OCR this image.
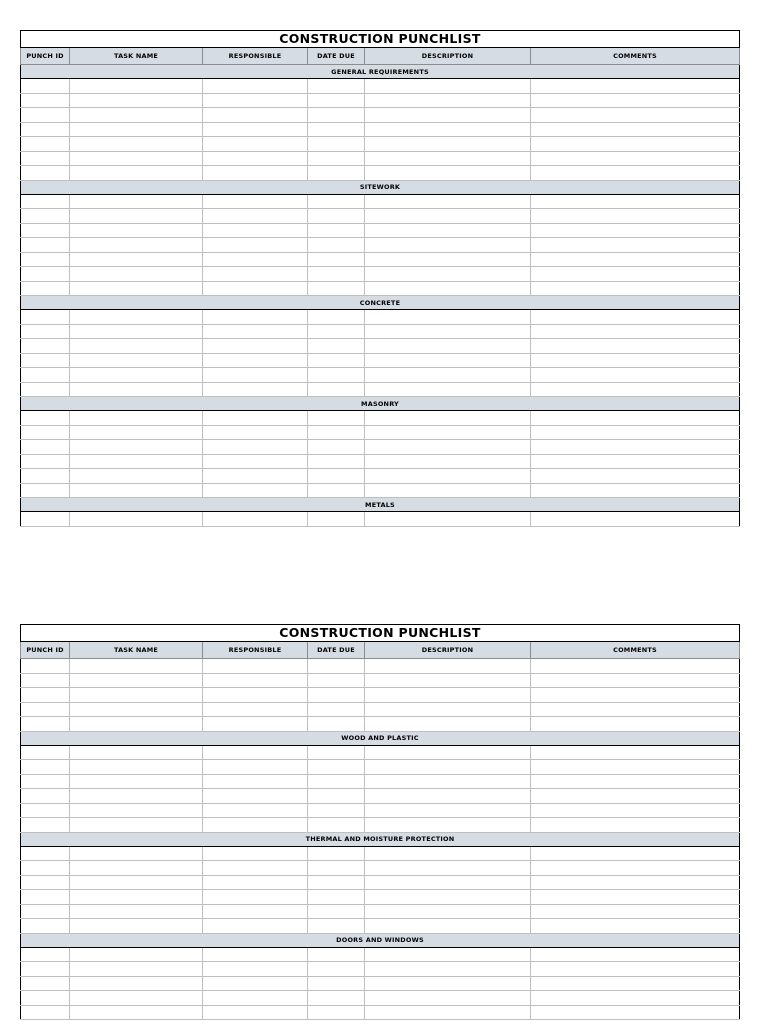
CONSTRUCTION PUNCHLIST					
PUNCH ID	TASK NAME	RESPONSIBLE	DATE DUE	DESCRIPTION	COMMENTS
GENERAL REQUIREMENTS					

SITEWORK					

CONCRETE					

MASONRY					

METALS					

CONSTRUCTION PUNCHLIST					
PUNCH ID	TASK NAME	RESPONSIBLE	DATE DUE	DESCRIPTION	COMMENTS

WOOD AND PLASTIC					

THERMAL AND MOISTURE PROTECTION					

DOORS AND WINDOWS					
